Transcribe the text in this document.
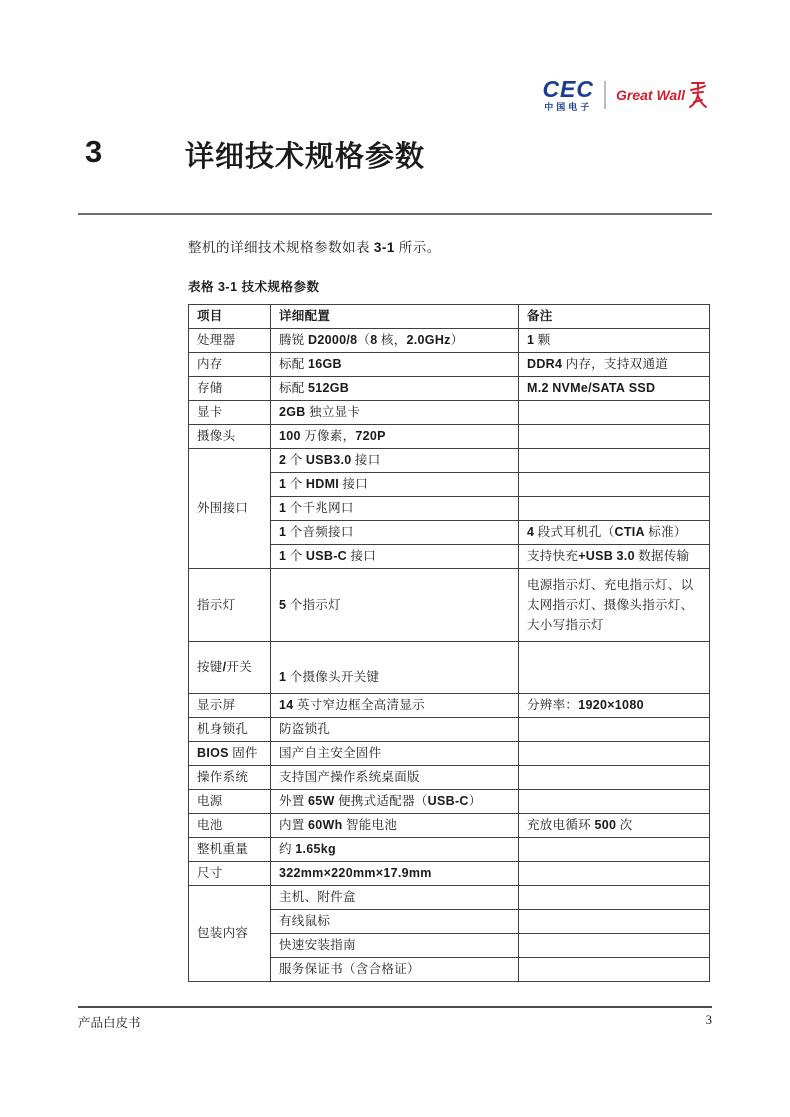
CEC
中国电子
Great Wall
3	详细技术规格参数

整机的详细技术规格参数如表 3-1 所示。

表格 3-1 技术规格参数
项目	详细配置	备注
处理器	腾锐 D2000/8（8 核，2.0GHz）	1 颗
内存	标配 16GB	DDR4 内存，支持双通道
存储	标配 512GB	M.2 NVMe/SATA SSD
显卡	2GB 独立显卡	
摄像头	100 万像素，720P	
外围接口	2 个 USB3.0 接口	
	1 个 HDMI 接口	
	1 个千兆网口	
	1 个音频接口	4 段式耳机孔（CTIA 标准）
	1 个 USB-C 接口	支持快充+USB 3.0 数据传输
指示灯	5 个指示灯	电源指示灯、充电指示灯、以太网指示灯、摄像头指示灯、大小写指示灯
按键/开关	1 个摄像头开关键	
显示屏	14 英寸窄边框全高清显示	分辨率：1920×1080
机身锁孔	防盗锁孔	
BIOS 固件	国产自主安全固件	
操作系统	支持国产操作系统桌面版	
电源	外置 65W 便携式适配器（USB-C）	
电池	内置 60Wh 智能电池	充放电循环 500 次
整机重量	约 1.65kg	
尺寸	322mm×220mm×17.9mm	
包装内容	主机、附件盒	
	有线鼠标	
	快速安装指南	
	服务保证书（含合格证）	
产品白皮书	3
